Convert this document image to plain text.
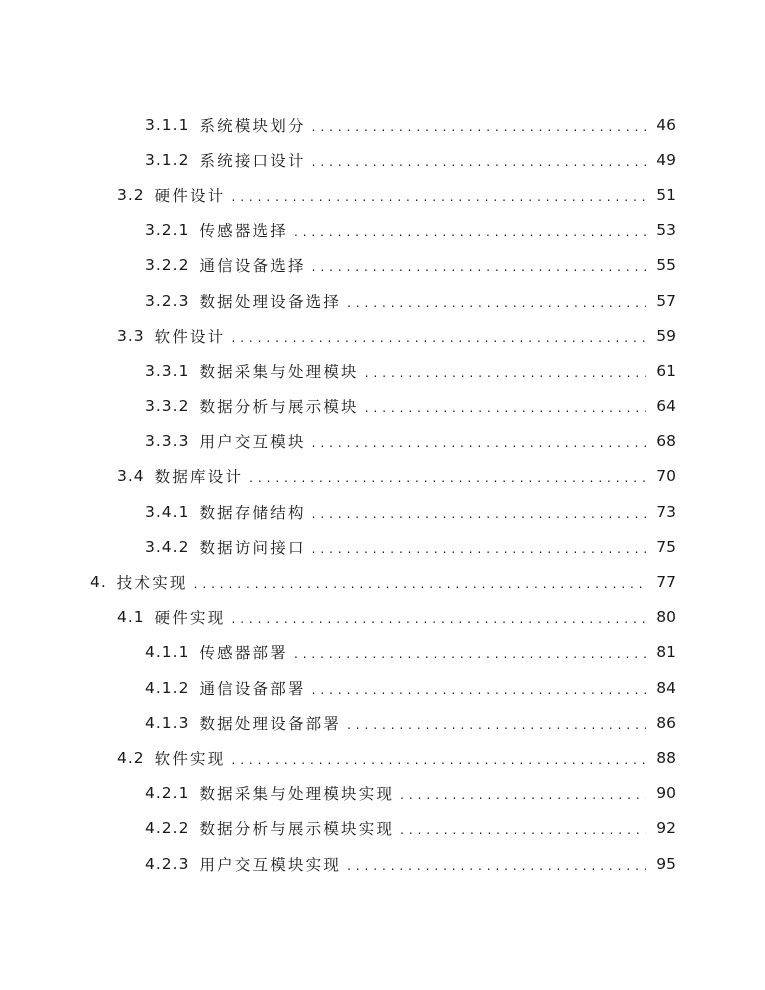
3.1.1 系统模块划分 . . .	46
3.1.2 系统接口设计 . . .	49
3.2 硬件设计 . . .	51
3.2.1 传感器选择 . . .	53
3.2.2 通信设备选择 . . .	55
3.2.3 数据处理设备选择 . . .	57
3.3 软件设计 . . .	59
3.3.1 数据采集与处理模块 . . .	61
3.3.2 数据分析与展示模块 . . .	64
3.3.3 用户交互模块 . . .	68
3.4 数据库设计 . . .	70
3.4.1 数据存储结构 . . .	73
3.4.2 数据访问接口 . . .	75
4. 技术实现 . . .	77
4.1 硬件实现 . . .	80
4.1.1 传感器部署 . . .	81
4.1.2 通信设备部署 . . .	84
4.1.3 数据处理设备部署 . . .	86
4.2 软件实现 . . .	88
4.2.1 数据采集与处理模块实现 . . .	90
4.2.2 数据分析与展示模块实现 . . .	92
4.2.3 用户交互模块实现 . . .	95
